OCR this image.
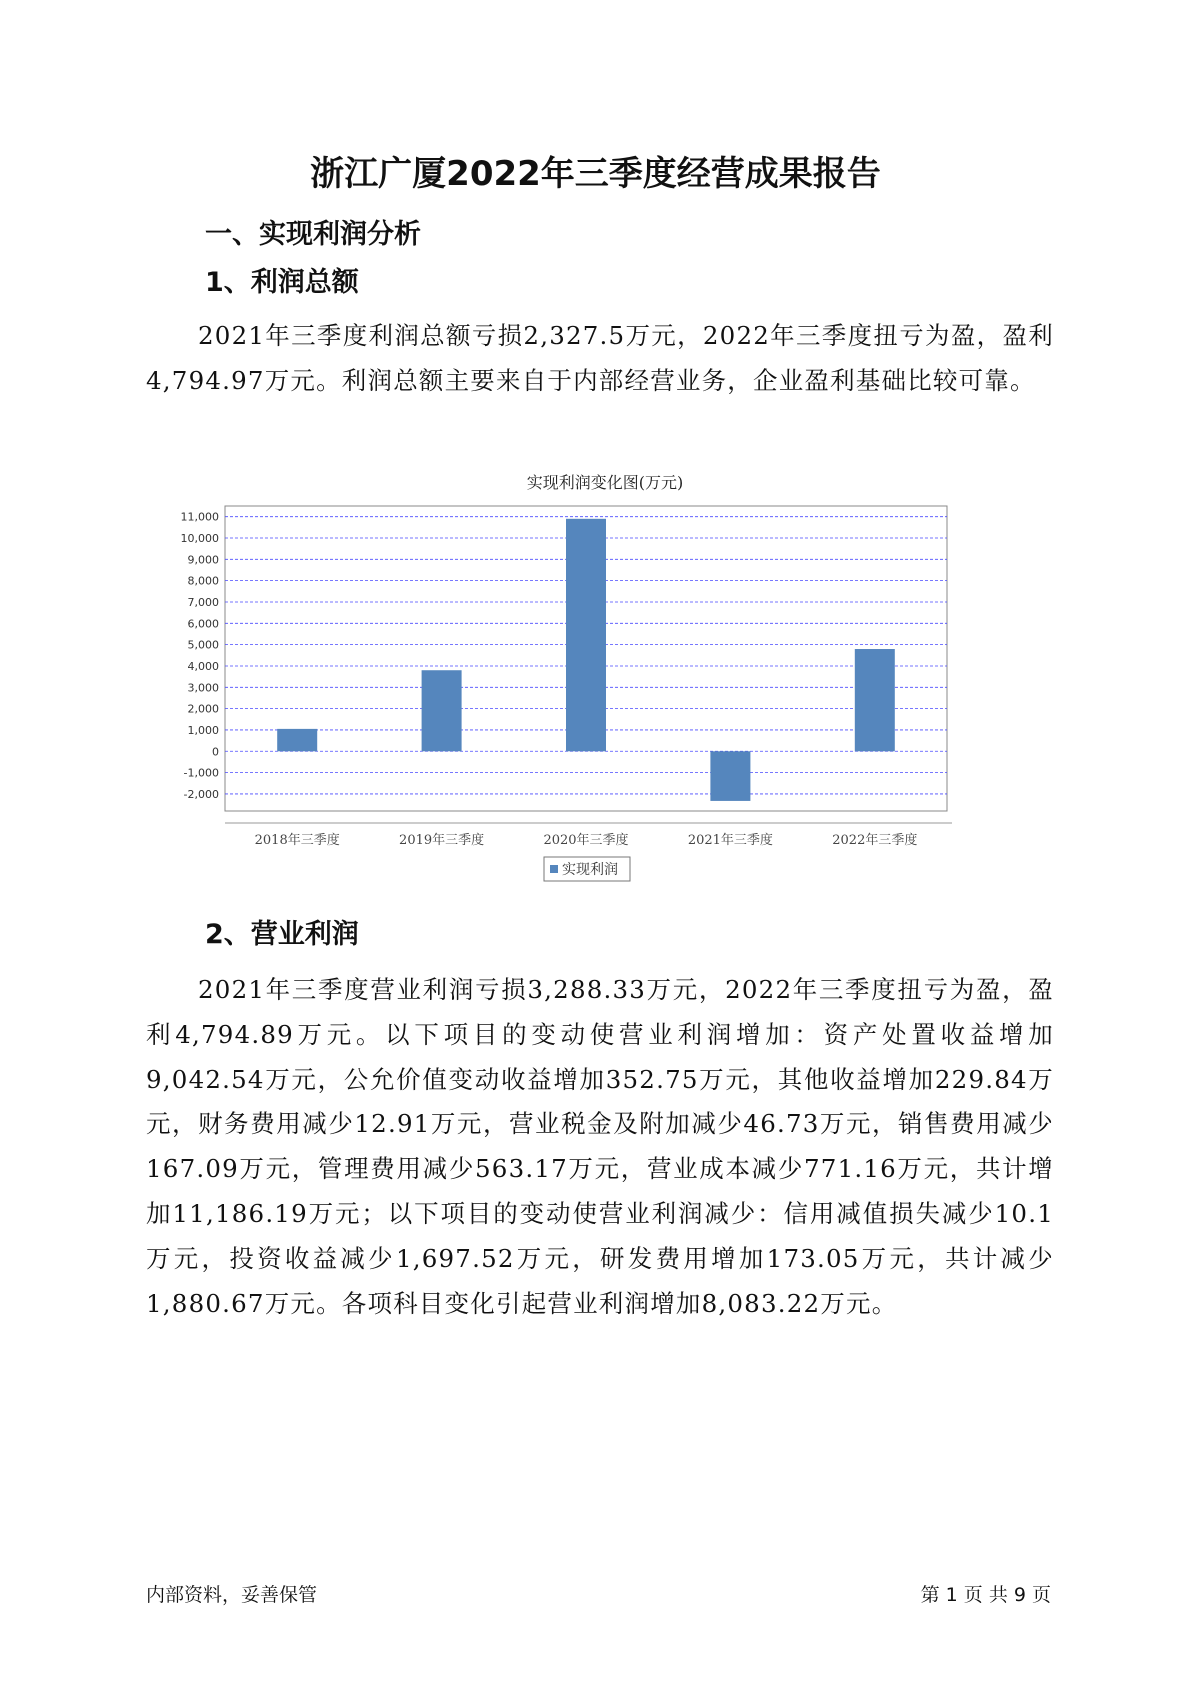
浙江广厦2022年三季度经营成果报告
一、实现利润分析
1、利润总额

2021年三季度利润总额亏损2,327.5万元，2022年三季度扭亏为盈，盈利4,794.97万元。利润总额主要来自于内部经营业务，企业盈利基础比较可靠。

实现利润变化图(万元)
11,000
10,000
9,000
8,000
7,000
6,000
5,000
4,000
3,000
2,000
1,000
0
-1,000
-2,000
2018年三季度	2019年三季度	2020年三季度	2021年三季度	2022年三季度
实现利润
2、营业利润

2021年三季度营业利润亏损3,288.33万元，2022年三季度扭亏为盈，盈利4,794.89万元。以下项目的变动使营业利润增加：资产处置收益增加9,042.54万元，公允价值变动收益增加352.75万元，其他收益增加229.84万元，财务费用减少12.91万元，营业税金及附加减少46.73万元，销售费用减少167.09万元，管理费用减少563.17万元，营业成本减少771.16万元，共计增加11,186.19万元；以下项目的变动使营业利润减少：信用减值损失减少10.1万元，投资收益减少1,697.52万元，研发费用增加173.05万元，共计减少1,880.67万元。各项科目变化引起营业利润增加8,083.22万元。

内部资料，妥善保管	第 1 页 共 9 页
